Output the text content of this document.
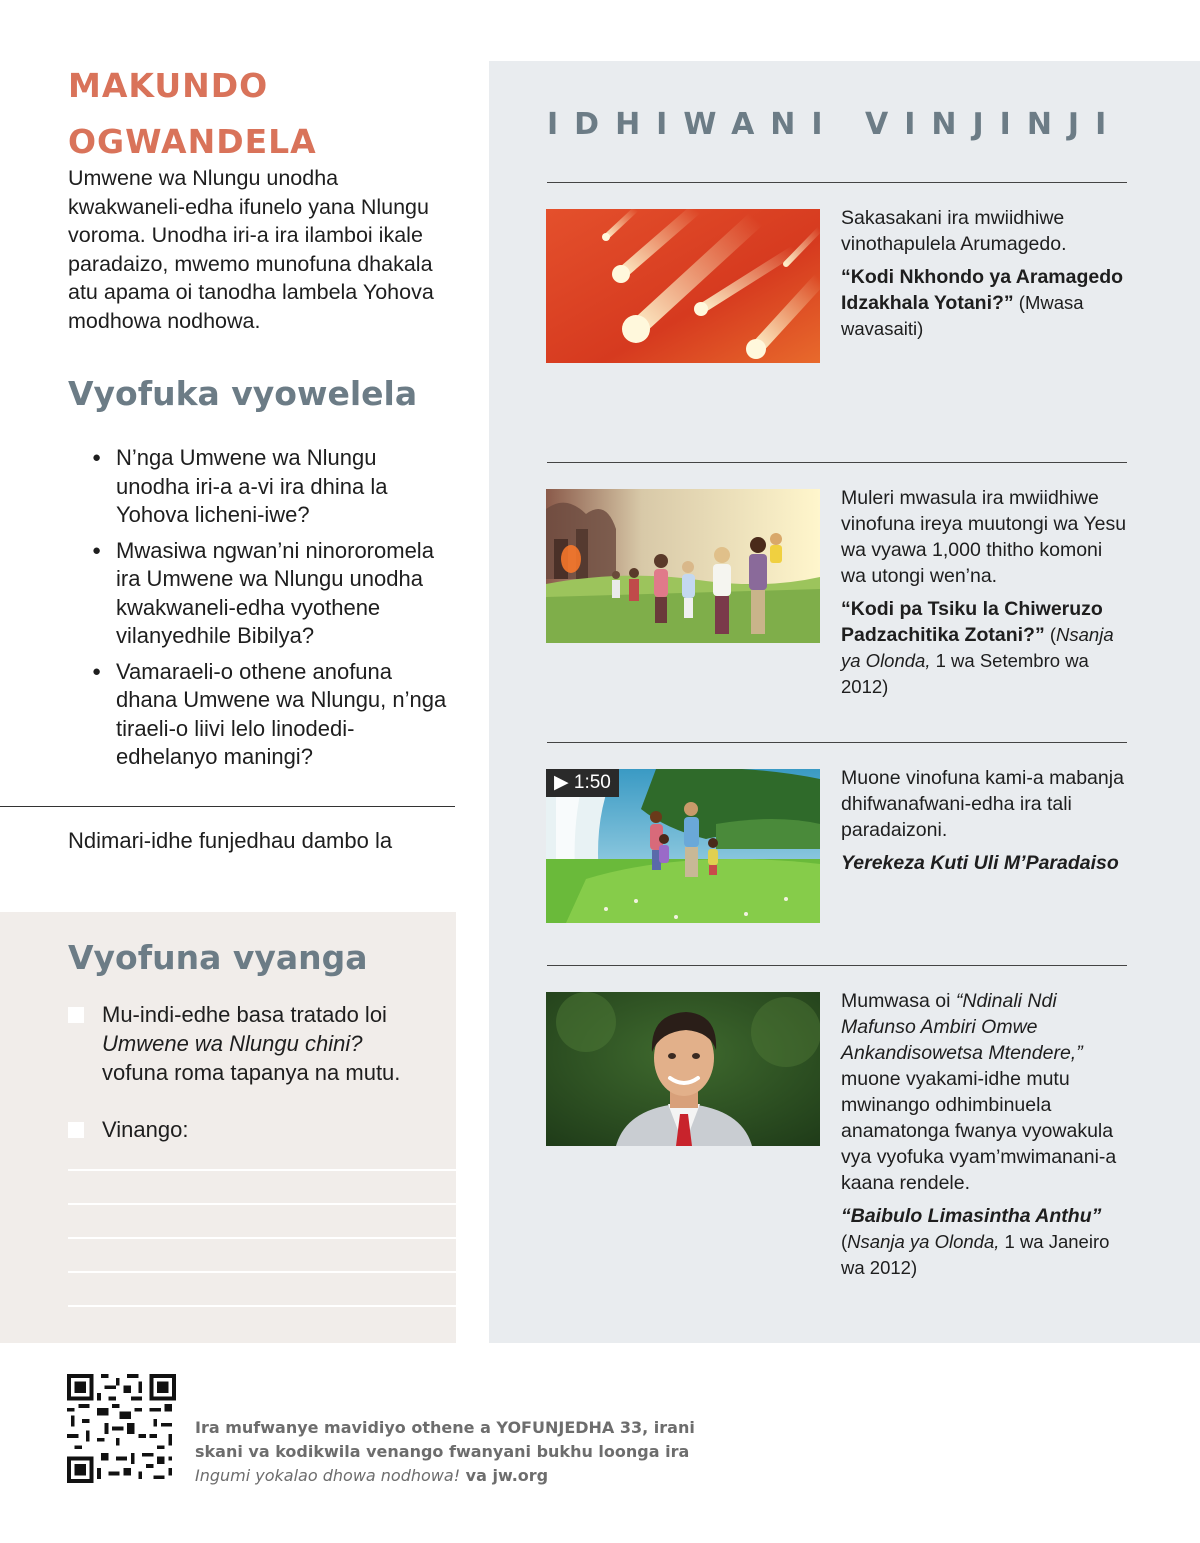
MAKUNDO
OGWANDELA

Umwene wa Nlungu unodha kwakwaneli-edha ifunelo yana Nlungu voroma. Unodha iri-a ira ilamboi ikale paradaizo, mwemo munofuna dhakala atu apama oi tanodha lambela Yohova modhowa nodhowa.

Vyofuka vyowelela
● N’nga Umwene wa Nlungu unodha iri-a a-vi ira dhina la Yohova licheni-iwe?
● Mwasiwa ngwan’ni ninororomela ira Umwene wa Nlungu unodha kwakwaneli-edha vyothene vilanyedhile Bibilya?
● Vamaraeli-o othene anofuna dhana Umwene wa Nlungu, n’nga tiraeli-o liivi lelo linodedi-edhelanyo maningi?

Ndimari-idhe funjedhau dambo la

Vyofuna vyanga
Mu-indi-edhe basa tratado loi Umwene wa Nlungu chini? vofuna roma tapanya na mutu.
Vinango:
IDHIWANI VINJINJI

Sakasakani ira mwiidhiwe vinothapulela Arumagedo.

“Kodi Nkhondo ya Aramagedo Idzakhala Yotani?” (Mwasa wavasaiti)

Muleri mwasula ira mwiidhiwe vinofuna ireya muutongi wa Yesu wa vyawa 1,000 thitho komoni wa utongi wen’na.

“Kodi pa Tsiku la Chiweruzo Padzachitika Zotani?” (Nsanja ya Olonda, 1 wa Setembro wa 2012)

▶ 1:50	Muone vinofuna kami-a mabanja dhifwanafwani-edha ira tali paradaizoni.

Yerekeza Kuti Uli M’Paradaiso

Mumwasa oi “Ndinali Ndi Mafunso Ambiri Omwe Ankandisowetsa Mtendere,” muone vyakami-idhe mutu mwinango odhimbinuela anamatonga fwanya vyowakula vya vyofuka vyam’mwimanani-a kaana rendele.

“Baibulo Limasintha Anthu” (Nsanja ya Olonda, 1 wa Janeiro wa 2012)

Ira mufwanye mavidiyo othene a YOFUNJEDHA 33, irani skani va kodikwila venango fwanyani bukhu loonga ira Ingumi yokalao dhowa nodhowa! va jw.org
